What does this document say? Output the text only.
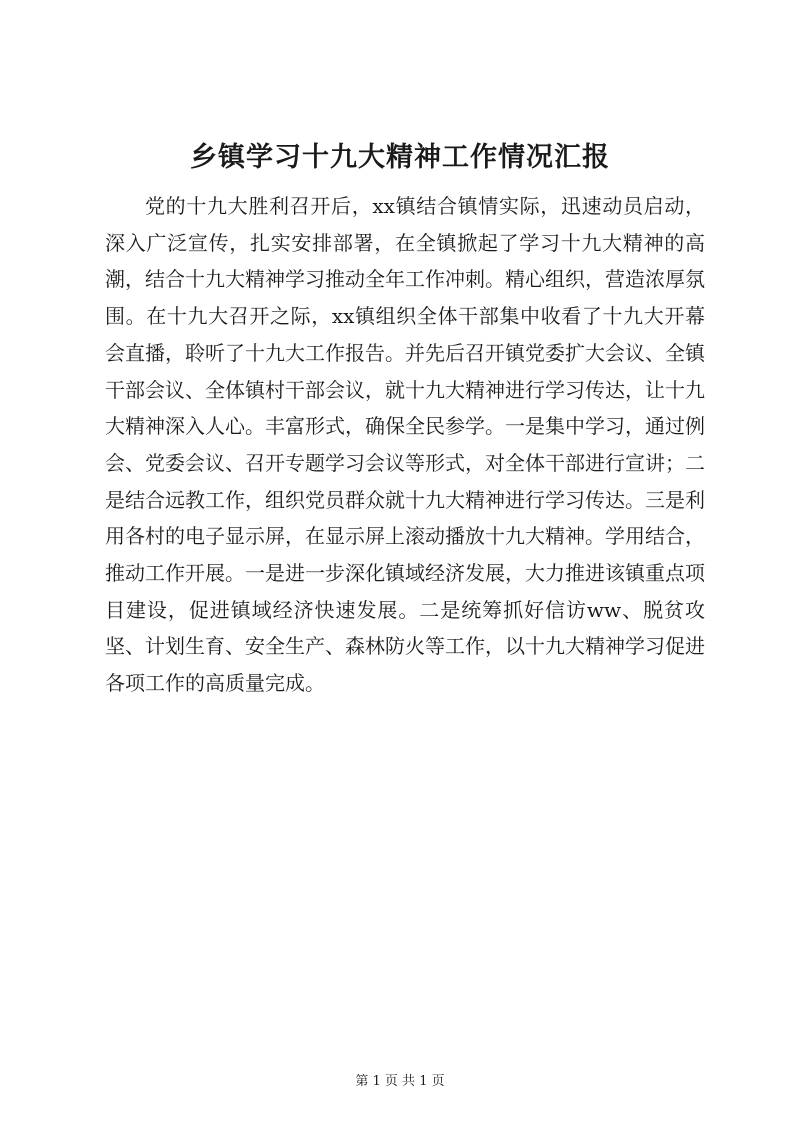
乡镇学习十九大精神工作情况汇报

党的十九大胜利召开后，xx镇结合镇情实际，迅速动员启动，深入广泛宣传，扎实安排部署，在全镇掀起了学习十九大精神的高潮，结合十九大精神学习推动全年工作冲刺。精心组织，营造浓厚氛围。在十九大召开之际，xx镇组织全体干部集中收看了十九大开幕会直播，聆听了十九大工作报告。并先后召开镇党委扩大会议、全镇干部会议、全体镇村干部会议，就十九大精神进行学习传达，让十九大精神深入人心。丰富形式，确保全民参学。一是集中学习，通过例会、党委会议、召开专题学习会议等形式，对全体干部进行宣讲；二是结合远教工作，组织党员群众就十九大精神进行学习传达。三是利用各村的电子显示屏，在显示屏上滚动播放十九大精神。学用结合，推动工作开展。一是进一步深化镇域经济发展，大力推进该镇重点项目建设，促进镇域经济快速发展。二是统筹抓好信访ww、脱贫攻坚、计划生育、安全生产、森林防火等工作，以十九大精神学习促进各项工作的高质量完成。

第 1 页 共 1 页
